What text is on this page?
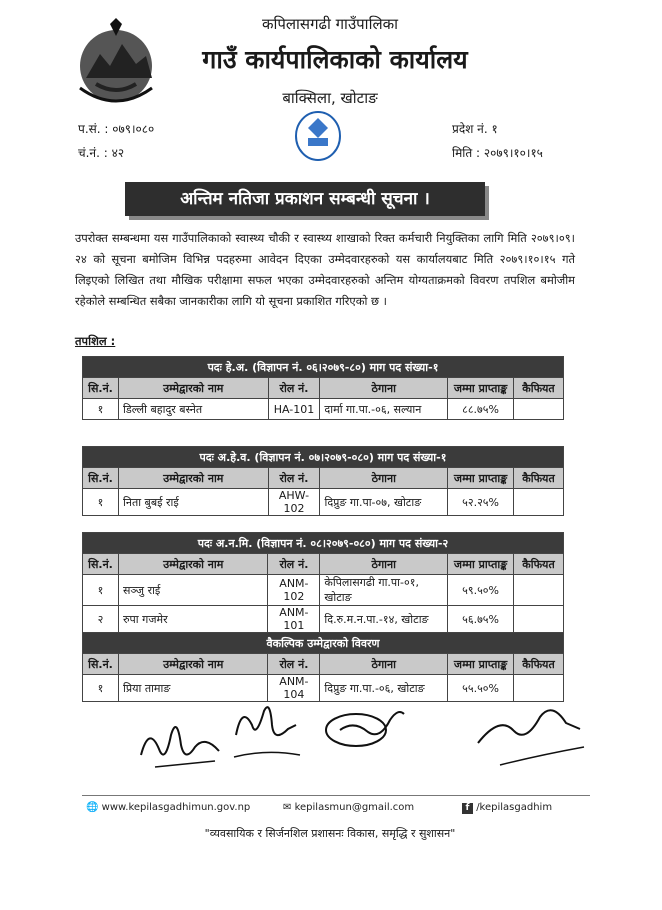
कपिलासगढी गाउँपालिका
गाउँ कार्यपालिकाको कार्यालय
बाक्सिला, खोटाङ
प.सं. : ०७९।०८०
चं.नं. : ४२
प्रदेश नं. १
मिति : २०७९।१०।१५
अन्तिम नतिजा प्रकाशन सम्बन्धी सूचना ।
उपरोक्त सम्बन्धमा यस गाउँपालिकाको स्वास्थ्य चौकी र स्वास्थ्य शाखाको रिक्त कर्मचारी नियुक्तिका लागि मिति २०७९।०९।२४ को सूचना बमोजिम विभिन्न पदहरुमा आवेदन दिएका उम्मेदवारहरुको यस कार्यालयबाट मिति २०७९।१०।१५ गते लिइएको लिखित तथा मौखिक परीक्षामा सफल भएका उम्मेदवारहरुको अन्तिम योग्यताक्रमको विवरण तपशिल बमोजीम रहेकोले सम्बन्धित सबैका जानकारीका लागि यो सूचना प्रकाशित गरिएको छ ।
तपशिल :
पदः हे.अ. (विज्ञापन नं. ०६।२०७९-८०) माग पद संख्या-१					
सि.नं.	उम्मेद्वारको नाम	रोल नं.	ठेगाना	जम्मा प्राप्ताङ्क	कैफियत
१	डिल्ली बहादुर बस्नेत	HA-101	दार्मा गा.पा.-०६, सल्यान	८८.७५%	
पदः अ.हे.व. (विज्ञापन नं. ०७।२०७९-०८०) माग पद संख्या-१					
सि.नं.	उम्मेद्वारको नाम	रोल नं.	ठेगाना	जम्मा प्राप्ताङ्क	कैफियत
१	निता बुबई राई	AHW-102	दिप्रुङ गा.पा-०७, खोटाङ	५२.२५%	
पदः अ.न.मि. (विज्ञापन नं. ०८।२०७९-०८०) माग पद संख्या-२					
सि.नं.	उम्मेद्वारको नाम	रोल नं.	ठेगाना	जम्मा प्राप्ताङ्क	कैफियत
१	सञ्जु राई	ANM-102	केपिलासगढी गा.पा-०१, खोटाङ	५९.५०%	
२	रुपा गजमेर	ANM-101	दि.रु.म.न.पा.-१४, खोटाङ	५६.७५%	
वैकल्पिक उम्मेद्वारको विवरण					
सि.नं.	उम्मेद्वारको नाम	रोल नं.	ठेगाना	जम्मा प्राप्ताङ्क	कैफियत
१	प्रिया तामाङ	ANM-104	दिप्रुङ गा.पा.-०६, खोटाङ	५५.५०%	
🌐 www.kepilasgadhimun.gov.np	✉ kepilasmun@gmail.com	f /kepilasgadhim
"व्यवसायिक र सिर्जनशिल प्रशासनः विकास, समृद्धि र सुशासन"
